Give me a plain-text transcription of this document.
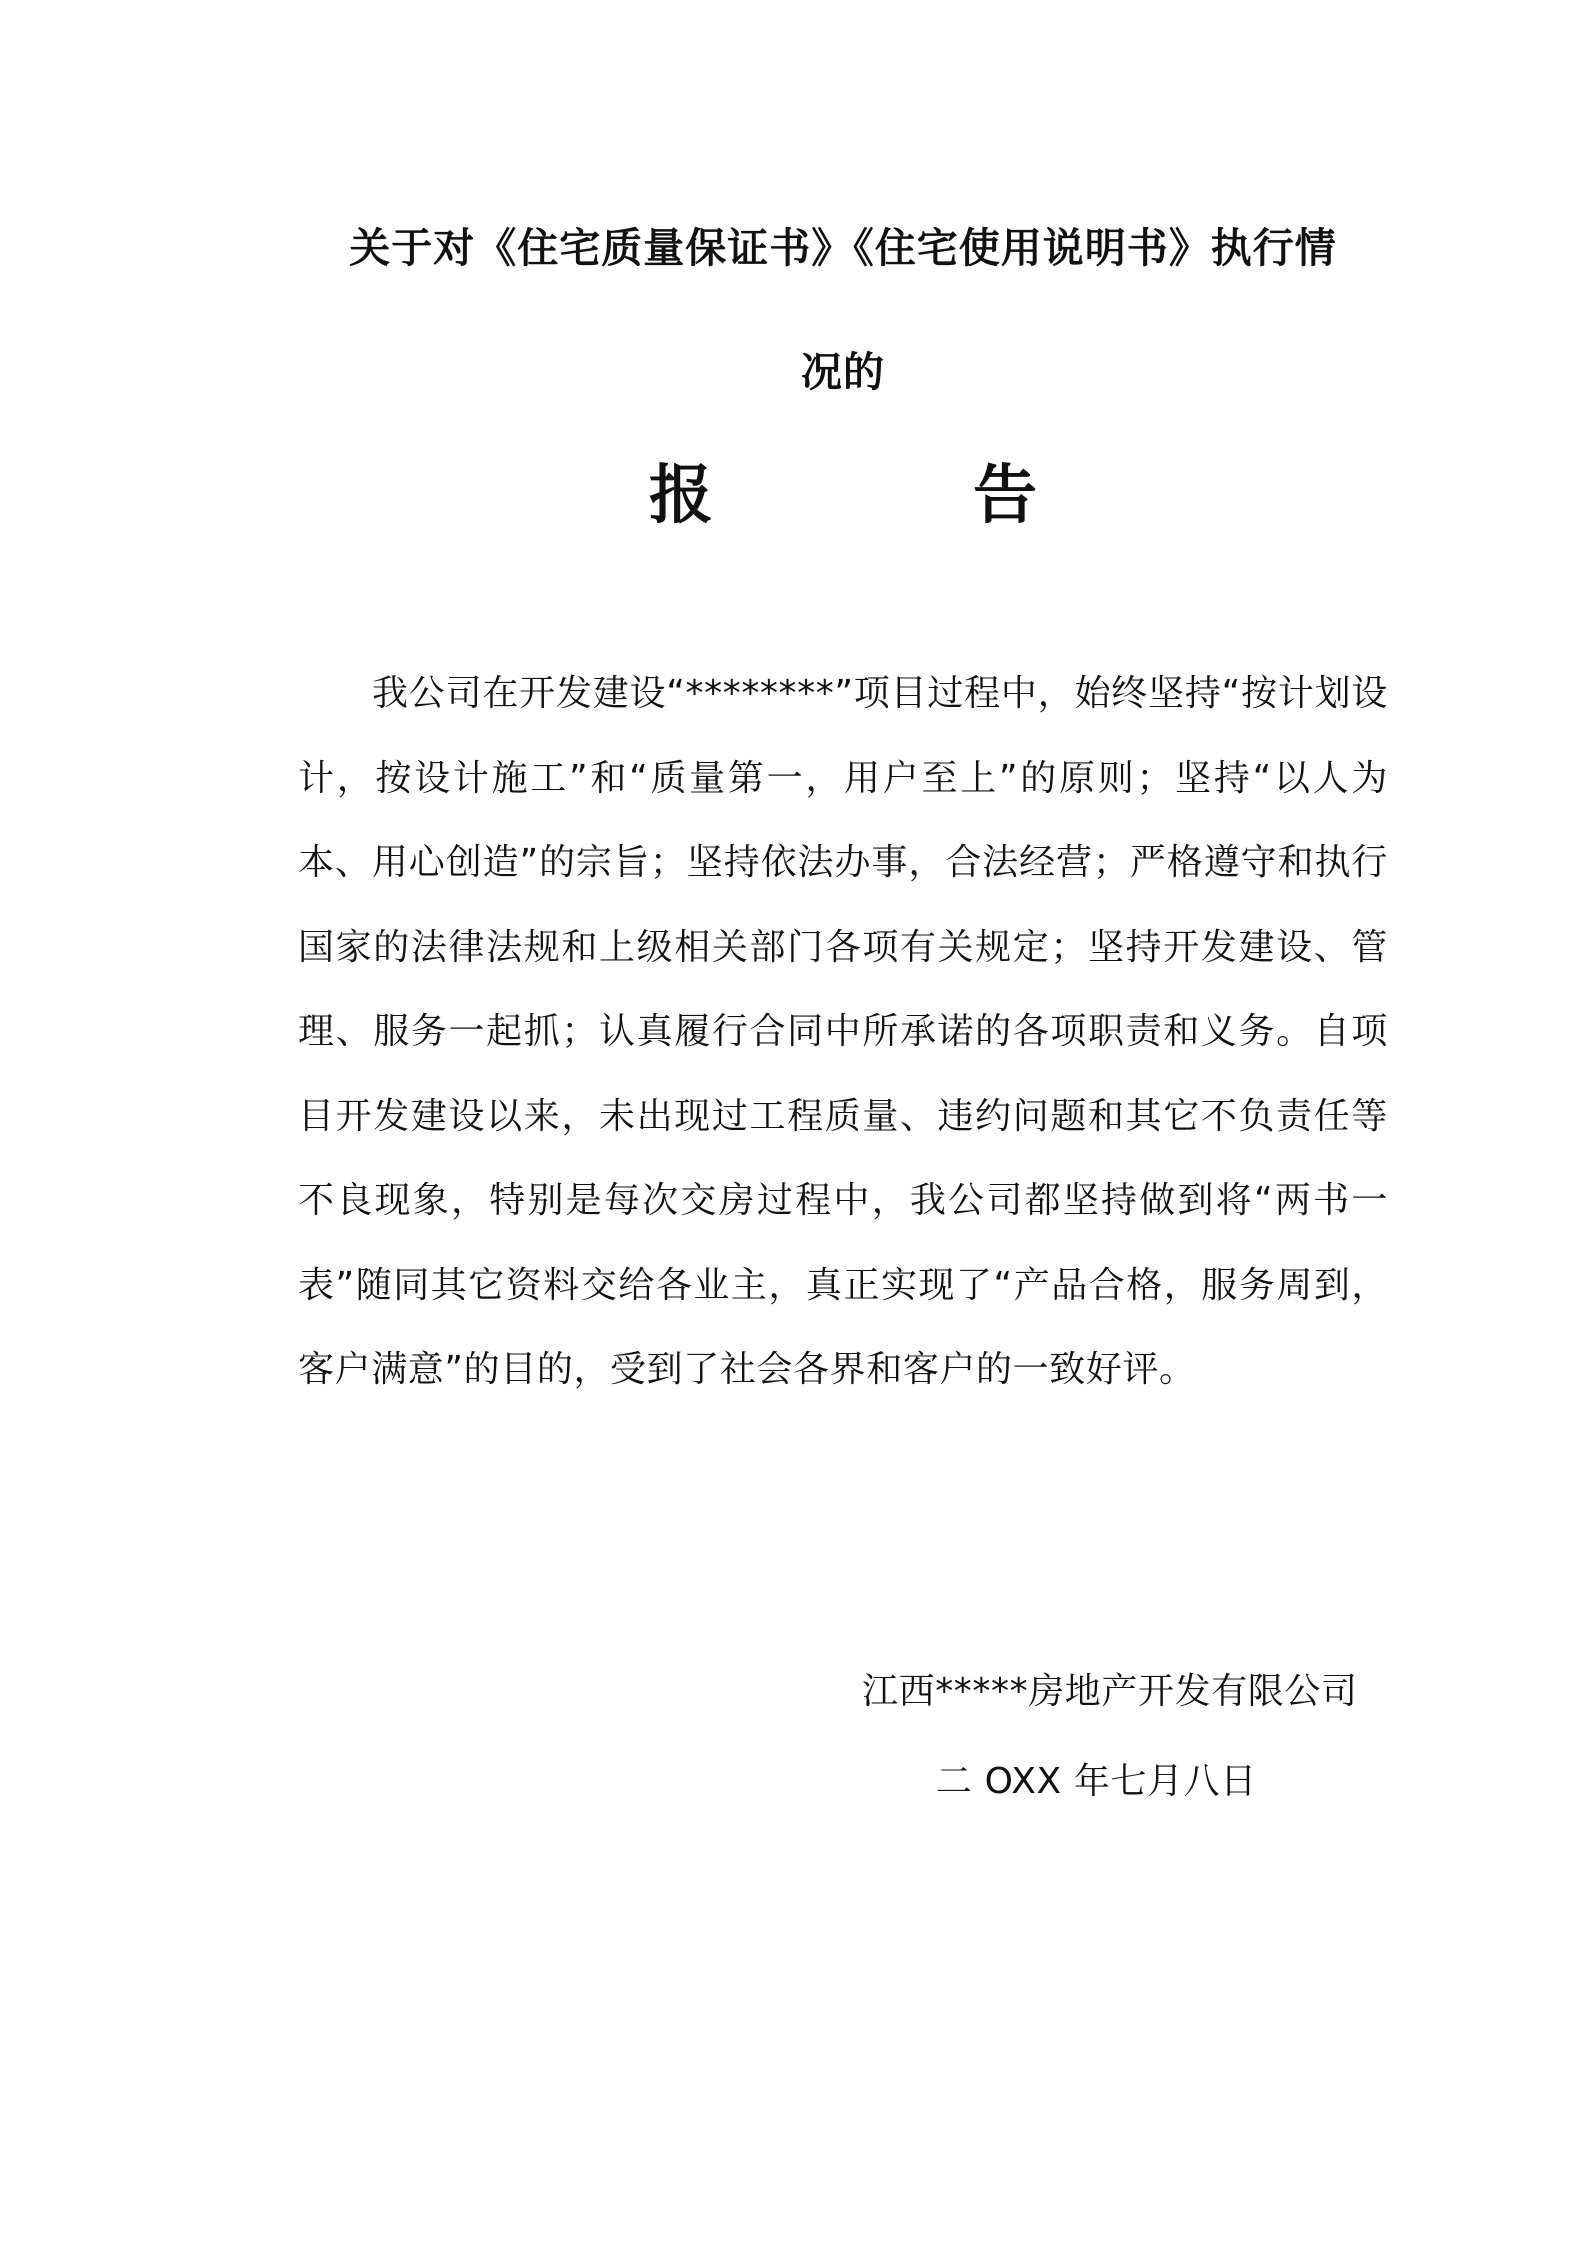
关于对《住宅质量保证书》《住宅使用说明书》执行情
况的
报	告

我公司在开发建设“********”项目过程中，始终坚持“按计划设计，按设计施工”和“质量第一，用户至上”的原则；坚持“以人为本、用心创造”的宗旨；坚持依法办事，合法经营；严格遵守和执行国家的法律法规和上级相关部门各项有关规定；坚持开发建设、管理、服务一起抓；认真履行合同中所承诺的各项职责和义务。自项目开发建设以来，未出现过工程质量、违约问题和其它不负责任等不良现象，特别是每次交房过程中，我公司都坚持做到将“两书一表”随同其它资料交给各业主，真正实现了“产品合格，服务周到，客户满意”的目的，受到了社会各界和客户的一致好评。

江西*****房地产开发有限公司
二 OXX 年七月八日
